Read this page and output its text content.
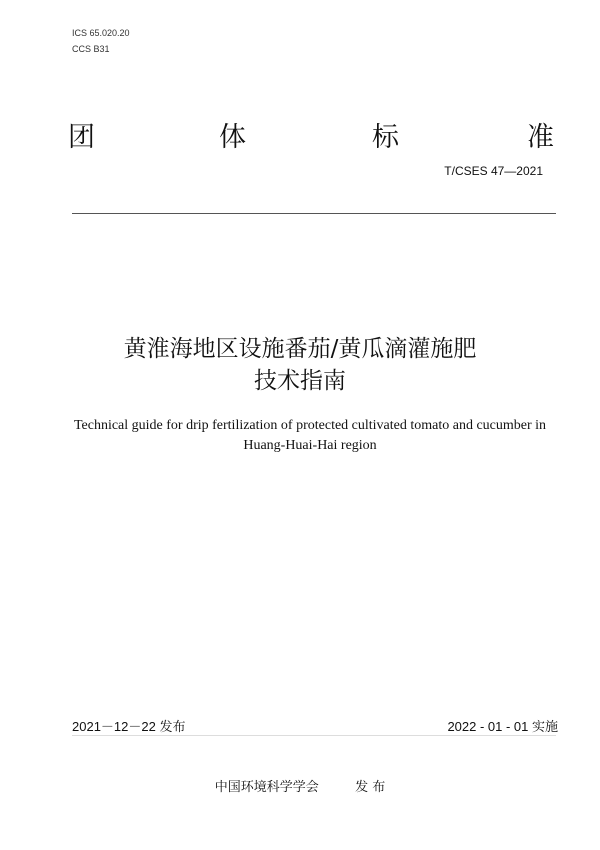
ICS 65.020.20
CCS B31
团	体	标	准
T/CSES 47—2021
黄淮海地区设施番茄/黄瓜滴灌施肥
技术指南
Technical guide for drip fertilization of protected cultivated tomato and cucumber in
Huang-Huai-Hai region
2021－12－22 发布	2022 - 01 - 01 实施
中国环境科学学会	发 布
